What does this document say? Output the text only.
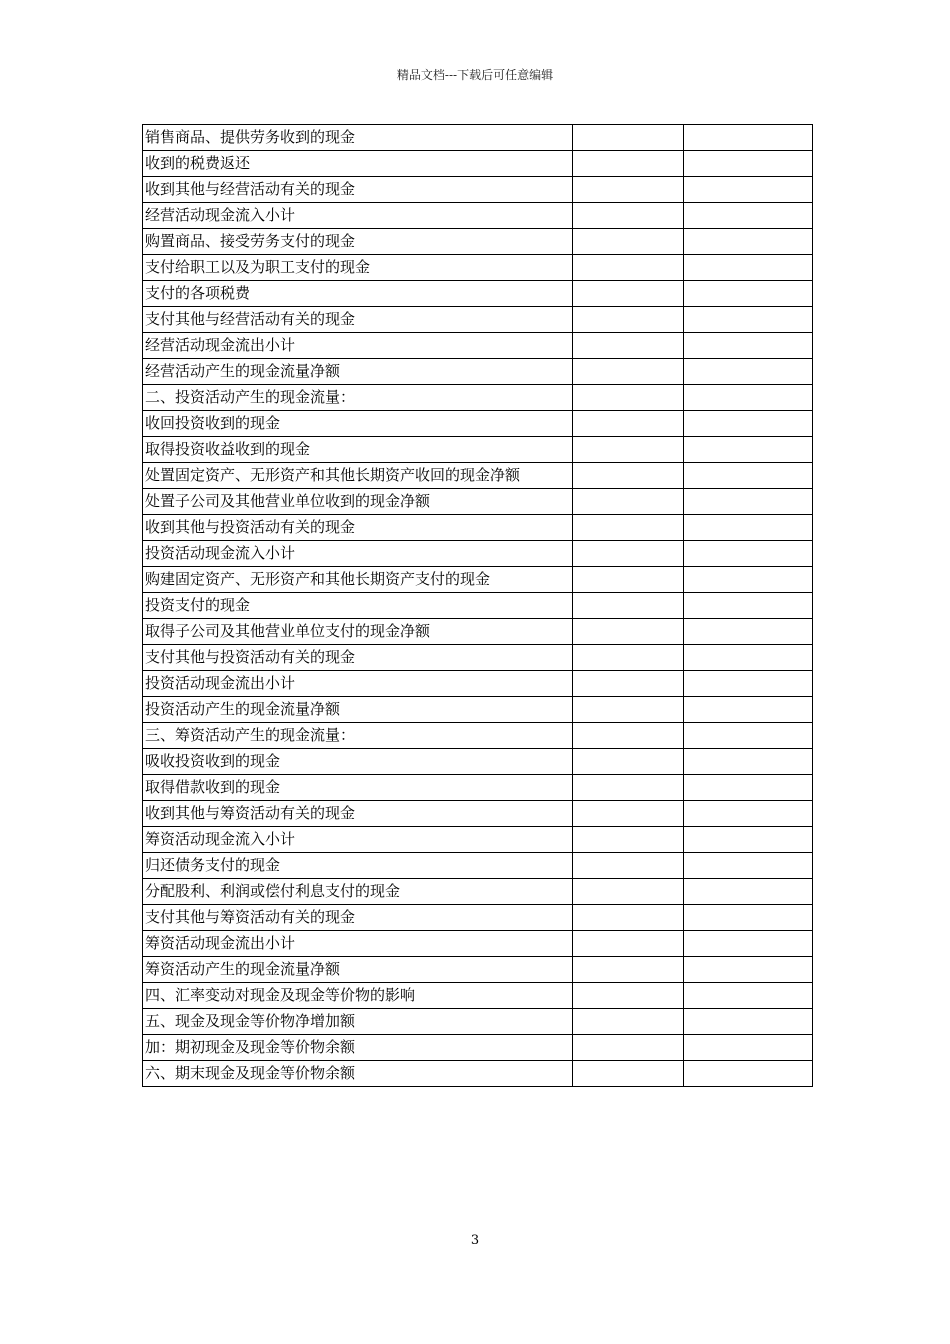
精品文档---下载后可任意编辑
销售商品、提供劳务收到的现金		
收到的税费返还		
收到其他与经营活动有关的现金		
经营活动现金流入小计		
购置商品、接受劳务支付的现金		
支付给职工以及为职工支付的现金		
支付的各项税费		
支付其他与经营活动有关的现金		
经营活动现金流出小计		
经营活动产生的现金流量净额		
二、投资活动产生的现金流量：		
收回投资收到的现金		
取得投资收益收到的现金		
处置固定资产、无形资产和其他长期资产收回的现金净额		
处置子公司及其他营业单位收到的现金净额		
收到其他与投资活动有关的现金		
投资活动现金流入小计		
购建固定资产、无形资产和其他长期资产支付的现金		
投资支付的现金		
取得子公司及其他营业单位支付的现金净额		
支付其他与投资活动有关的现金		
投资活动现金流出小计		
投资活动产生的现金流量净额		
三、筹资活动产生的现金流量：		
吸收投资收到的现金		
取得借款收到的现金		
收到其他与筹资活动有关的现金		
筹资活动现金流入小计		
归还债务支付的现金		
分配股利、利润或偿付利息支付的现金		
支付其他与筹资活动有关的现金		
筹资活动现金流出小计		
筹资活动产生的现金流量净额		
四、汇率变动对现金及现金等价物的影响		
五、现金及现金等价物净增加额		
加：期初现金及现金等价物余额		
六、期末现金及现金等价物余额		
3
